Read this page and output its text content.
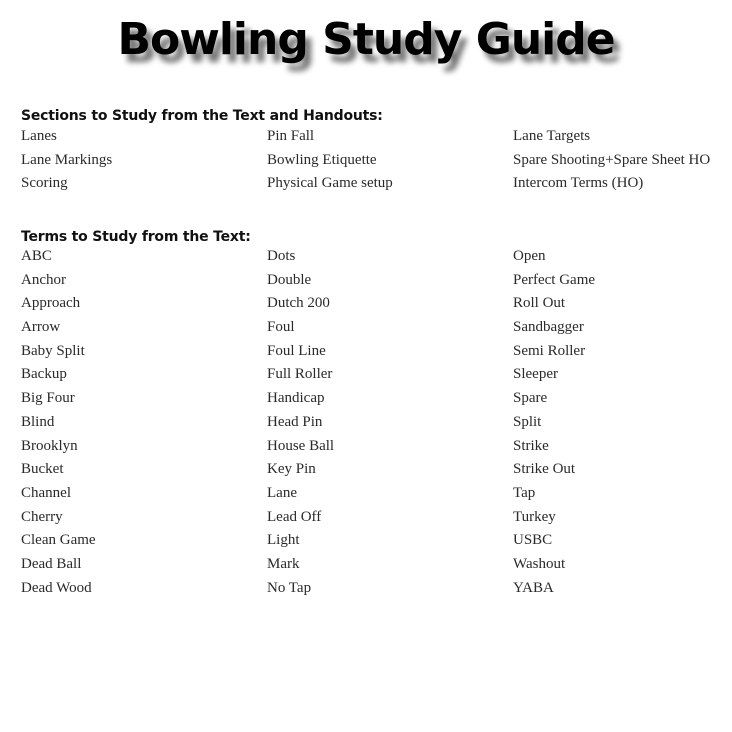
Bowling Study Guide
Sections to Study from the Text and Handouts:
Lanes	Pin Fall	Lane Targets
Lane Markings	Bowling Etiquette	Spare Shooting+Spare Sheet HO
Scoring	Physical Game setup	Intercom Terms (HO)
Terms to Study from the Text:
ABC	Dots	Open
Anchor	Double	Perfect Game
Approach	Dutch 200	Roll Out
Arrow	Foul	Sandbagger
Baby Split	Foul Line	Semi Roller
Backup	Full Roller	Sleeper
Big Four	Handicap	Spare
Blind	Head Pin	Split
Brooklyn	House Ball	Strike
Bucket	Key Pin	Strike Out
Channel	Lane	Tap
Cherry	Lead Off	Turkey
Clean Game	Light	USBC
Dead Ball	Mark	Washout
Dead Wood	No Tap	YABA
